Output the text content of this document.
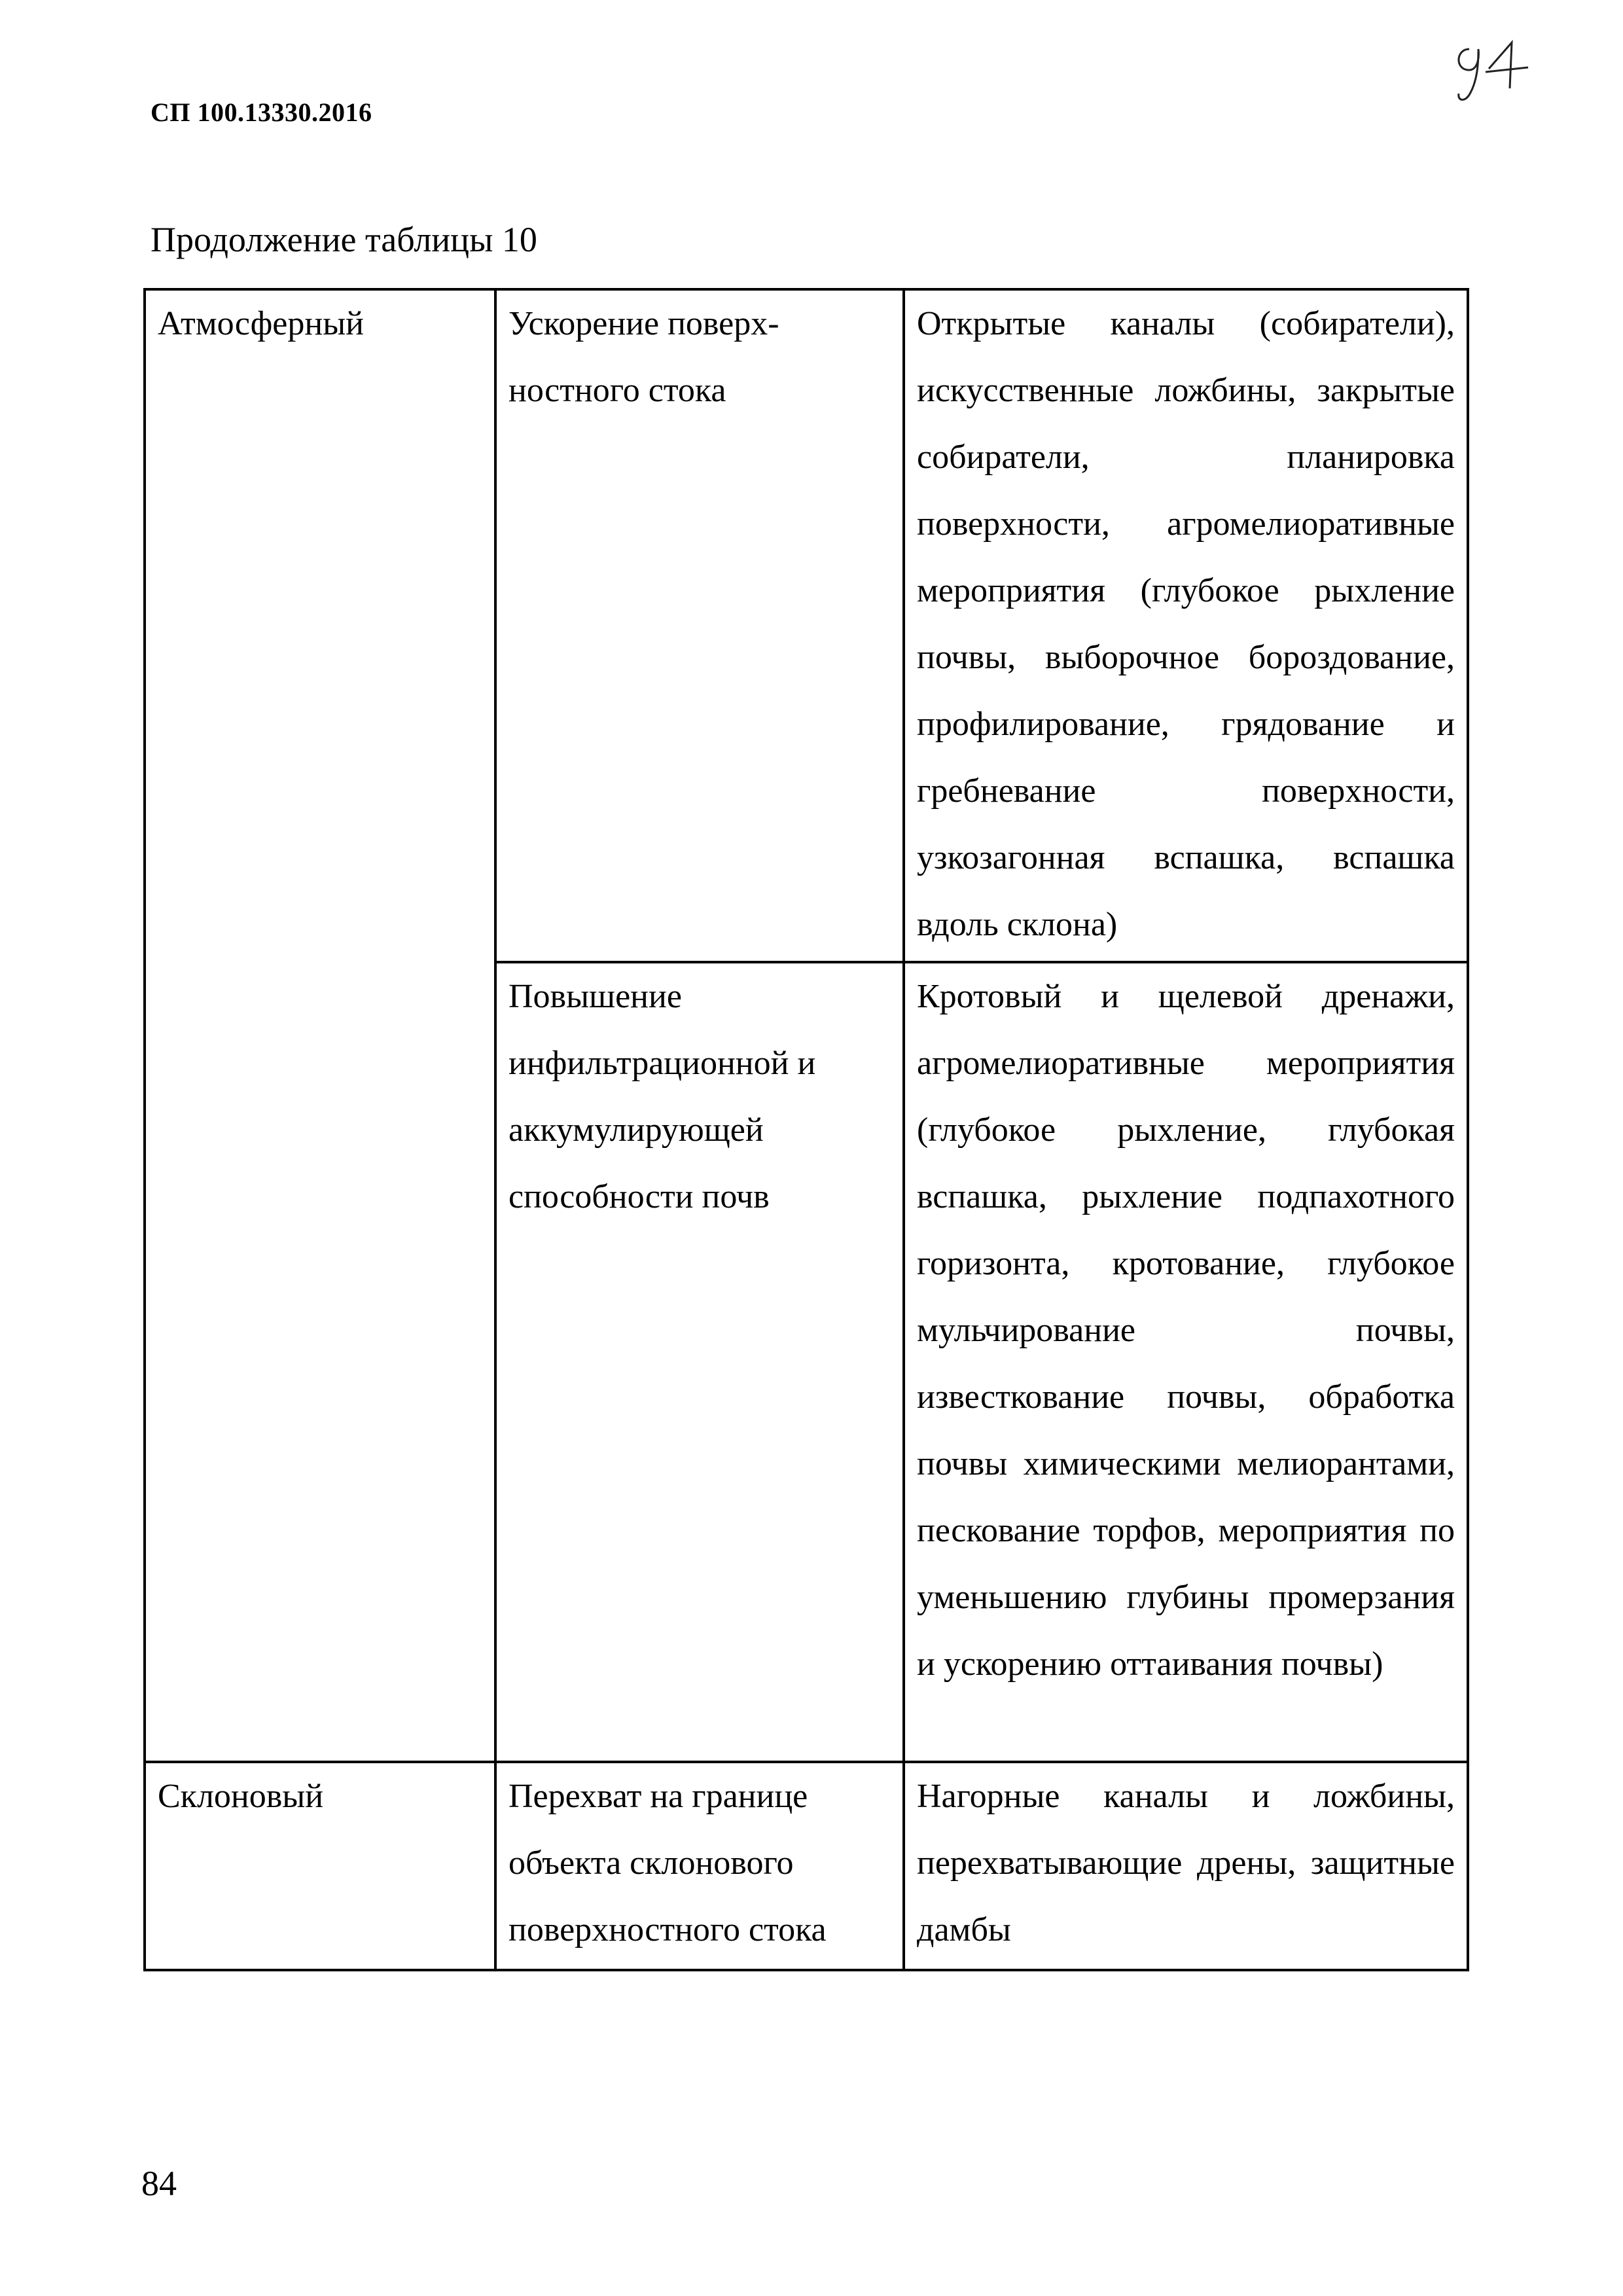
СП 100.13330.2016
Продолжение таблицы 10
Атмосферный	Ускорение поверх- ностного стока	Открытые каналы (собиратели), искусственные ложбины, закрытые собиратели, планировка поверхности, агромелиоративные мероприятия (глубокое рыхление почвы, выборочное бороздование, профилирование, грядование и гребневание поверхности, узкозагонная вспашка, вспашка вдоль склона)
	Повышение инфильтрационной и аккумулирующей способности почв	Кротовый и щелевой дренажи, агромелиоративные мероприятия (глубокое рыхление, глубокая вспашка, рыхление подпахотного горизонта, кротование, глубокое мульчирование почвы, известкование почвы, обработка почвы химическими мелиорантами, пескование торфов, мероприятия по уменьшению глубины промерзания и ускорению оттаивания почвы)
Склоновый	Перехват на границе объекта склонового поверхностного стока	Нагорные каналы и ложбины, перехватывающие дрены, защитные дамбы
84
